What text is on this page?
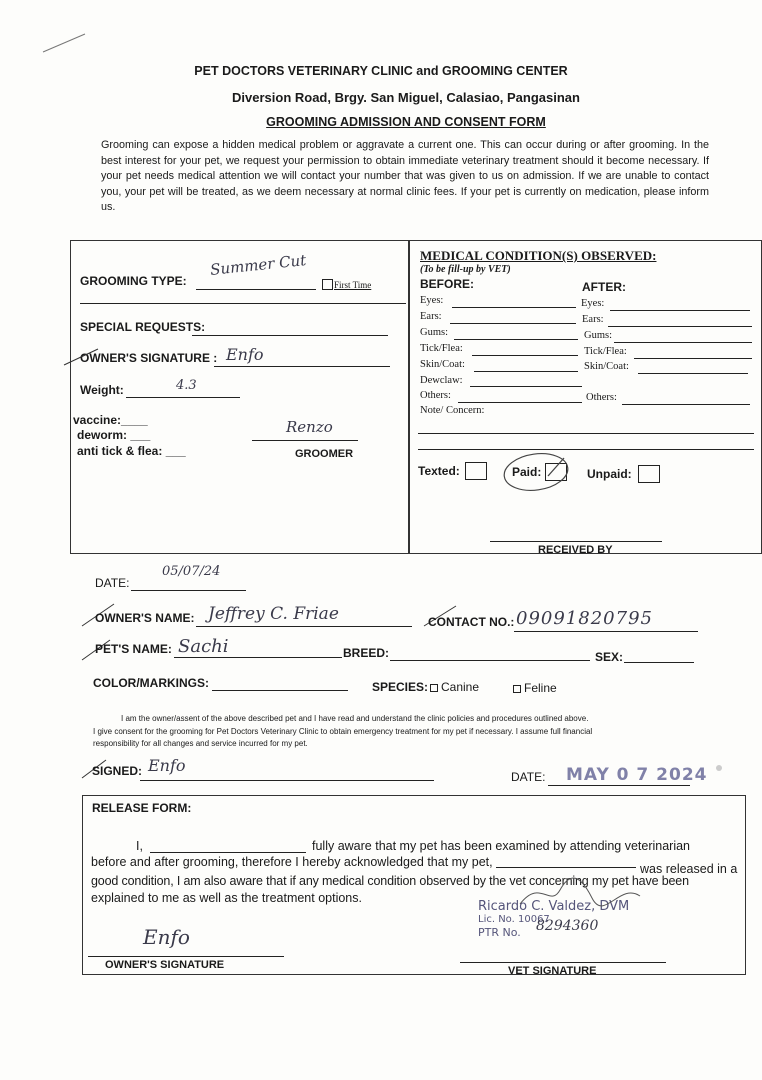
PET DOCTORS VETERINARY CLINIC and GROOMING CENTER
Diversion Road, Brgy. San Miguel, Calasiao, Pangasinan
GROOMING ADMISSION AND CONSENT FORM
Grooming can expose a hidden medical problem or aggravate a current one. This can occur during or after grooming. In the best interest for your pet, we request your permission to obtain immediate veterinary treatment should it become necessary. If your pet needs medical attention we will contact your number that was given to us on admission. If we are unable to contact you, your pet will be treated, as we deem necessary at normal clinic fees. If your pet is currently on medication, please inform us.
GROOMING TYPE:
Summer Cut
First Time
SPECIAL REQUESTS:
OWNER'S SIGNATURE : Enfo
Weight:	4.3
vaccine:____
deworm: ___
anti tick & flea: ___
Renzo
GROOMER
MEDICAL CONDITION(S) OBSERVED:
(To be fill-up by VET)
BEFORE:	AFTER:
Eyes:	Eyes:
Ears:	Ears:
Gums:	Gums:
Tick/Flea:	Tick/Flea:
Skin/Coat:	Skin/Coat:
Dewclaw:
Others:	Others:
Note/ Concern:
Texted:	Paid:	Unpaid:
RECEIVED BY
DATE:
05/07/24
OWNER'S NAME: Jeffrey C. Friae	CONTACT NO.: 09091820795
PET'S NAME: Sachi	BREED:	SEX:
COLOR/MARKINGS:	SPECIES: Canine	Feline
I am the owner/assent of the above described pet and I have read and understand the clinic policies and procedures outlined above.
I give consent for the grooming for Pet Doctors Veterinary Clinic to obtain emergency treatment for my pet if necessary. I assume full financial
responsibility for all changes and service incurred for my pet.
SIGNED: Enfo
DATE: MAY 0 7 2024
RELEASE FORM:
I,	fully aware that my pet has been examined by attending veterinarian
before and after grooming, therefore I hereby acknowledged that my pet,	was released in a
good condition, I am also aware that if any medical condition observed by the vet concerning my pet have been
explained to me as well as the treatment options.
Ricardo C. Valdez, DVM
Lic. No. 10067
PTR No. 8294360
Enfo
OWNER'S SIGNATURE	VET SIGNATURE
